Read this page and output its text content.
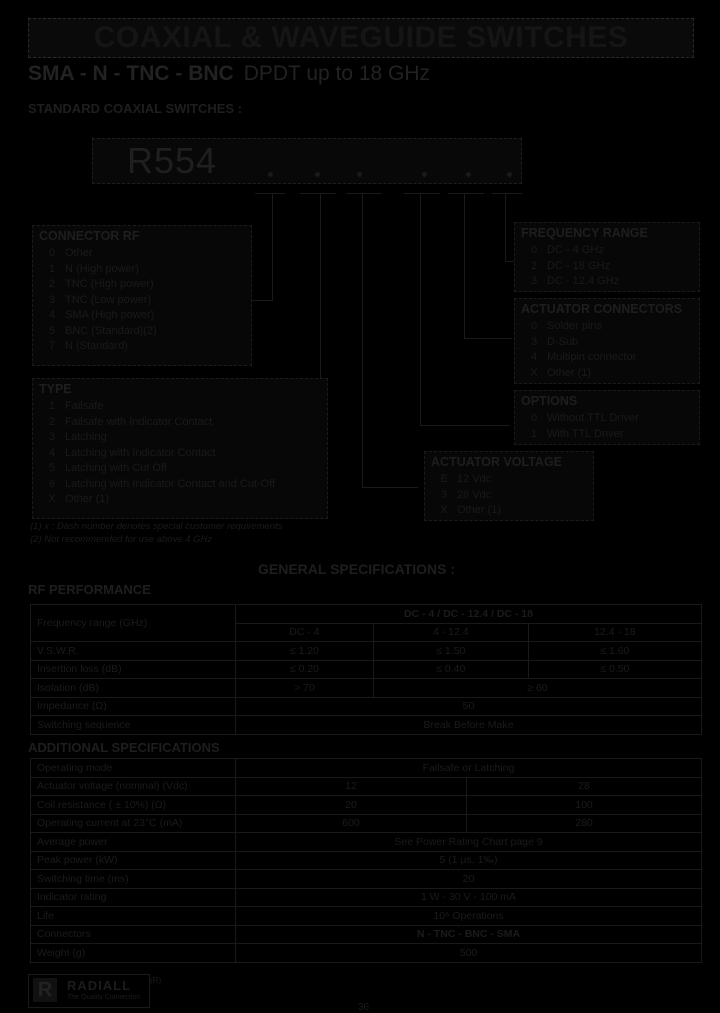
COAXIAL & WAVEGUIDE SWITCHES
SMA - N - TNC - BNC DPDT up to 18 GHz
STANDARD COAXIAL SWITCHES :
R554
CONNECTOR RF
0 Other
1 N (High power)
2 TNC (High power)
3 TNC (Low power)
4 SMA (High power)
5 BNC (Standard)(2)
7 N (Standard)
TYPE
1 Failsafe
2 Failsafe with Indicator Contact
3 Latching
4 Latching with Indicator Contact
5 Latching with Cut Off
6 Latching with Indicator Contact and Cut-Off
X Other (1)
FREQUENCY RANGE
0 DC - 4 GHz
2 DC - 18 GHz
3 DC - 12.4 GHz
ACTUATOR CONNECTORS
0 Solder pins
3 D-Sub
4 Multipin connector
X Other (1)
OPTIONS
0 Without TTL Driver
1 With TTL Driver
ACTUATOR VOLTAGE
E 12 Vdc
3 28 Vdc
X Other (1)
(1) x : Dash number denotes special customer requirements
(2) Not recommended for use above 4 GHz
GENERAL SPECIFICATIONS :
RF PERFORMANCE
Frequency range (GHz)	DC - 4 / DC - 12.4 / DC - 18		
	DC - 4	4 - 12.4	12.4 - 18
V.S.W.R.	≤ 1.20	≤ 1.50	≤ 1.60
Insertion loss (dB)	≤ 0.20	≤ 0.40	≤ 0.50
Isolation (dB)	> 70	≥ 60	
Impedance (Ω)	50		
Switching sequence	Break Before Make		
ADDITIONAL SPECIFICATIONS
Operating mode	Failsafe or Latching	
Actuator voltage (nominal) (Vdc)	12	28
Coil resistance ( ± 10%) (Ω)	20	100
Operating current at 23°C (mA)	600	280
Average power	See Power Rating Chart page 9	
Peak power (kW)	5 (1 µs, 1‰)	
Switching time (ms)	20	
Indicator rating	1 W - 30 V - 100 mA	
Life	10⁶ Operations	
Connectors	N - TNC - BNC - SMA	
Weight (g)	500	
R	RADIALL
The Quality Connection
(R)
36
